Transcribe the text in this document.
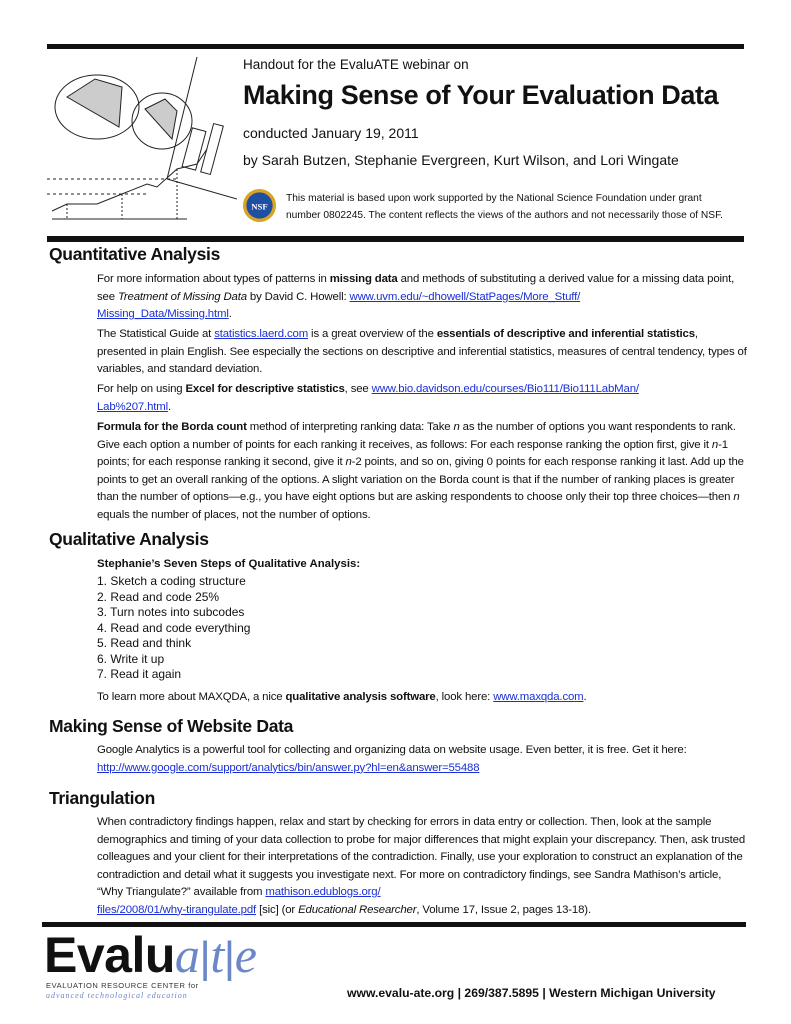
Handout for the EvaluATE webinar on
Making Sense of Your Evaluation Data
conducted January 19, 2011
by Sarah Butzen, Stephanie Evergreen, Kurt Wilson, and Lori Wingate
NSF
This material is based upon work supported by the National Science Foundation under grant
number 0802245. The content reflects the views of the authors and not necessarily those of NSF.
Quantitative Analysis
For more information about types of patterns in missing data and methods of substituting a derived value for a missing data point, see Treatment of Missing Data by David C. Howell: www.uvm.edu/~dhowell/StatPages/More_Stuff/
Missing_Data/Missing.html.
The Statistical Guide at statistics.laerd.com is a great overview of the essentials of descriptive and inferential statistics, presented in plain English. See especially the sections on descriptive and inferential statistics, measures of central tendency, types of variables, and standard deviation.
For help on using Excel for descriptive statistics, see www.bio.davidson.edu/courses/Bio111/Bio111LabMan/
Lab%207.html.
Formula for the Borda count method of interpreting ranking data: Take n as the number of options you want respondents to rank. Give each option a number of points for each ranking it receives, as follows: For each response ranking the option first, give it n-1 points; for each response ranking it second, give it n-2 points, and so on, giving 0 points for each response ranking it last. Add up the points to get an overall ranking of the options. A slight variation on the Borda count is that if the number of ranking places is greater than the number of options—e.g., you have eight options but are asking respondents to choose only their top three choices—then n equals the number of places, not the number of options.
Qualitative Analysis
Stephanie’s Seven Steps of Qualitative Analysis:
1. Sketch a coding structure
2. Read and code 25%
3. Turn notes into subcodes
4. Read and code everything
5. Read and think
6. Write it up
7. Read it again
To learn more about MAXQDA, a nice qualitative analysis software, look here: www.maxqda.com.
Making Sense of Website Data
Google Analytics is a powerful tool for collecting and organizing data on website usage. Even better, it is free. Get it here:
http://www.google.com/support/analytics/bin/answer.py?hl=en&answer=55488
Triangulation
When contradictory findings happen, relax and start by checking for errors in data entry or collection. Then, look at the sample demographics and timing of your data collection to probe for major differences that might explain your discrepancy. Then, ask trusted colleagues and your client for their interpretations of the contradiction. Finally, use your exploration to construct an explanation of the contradiction and detail what it suggests you investigate next. For more on contradictory findings, see Sandra Mathison’s article, “Why Triangulate?” available from mathison.edublogs.org/
files/2008/01/why-tirangulate.pdf [sic] (or Educational Researcher, Volume 17, Issue 2, pages 13-18).
Evalua|t|e
EVALUATION RESOURCE CENTER for
advanced technological education	www.evalu-ate.org | 269/387.5895 | Western Michigan University
